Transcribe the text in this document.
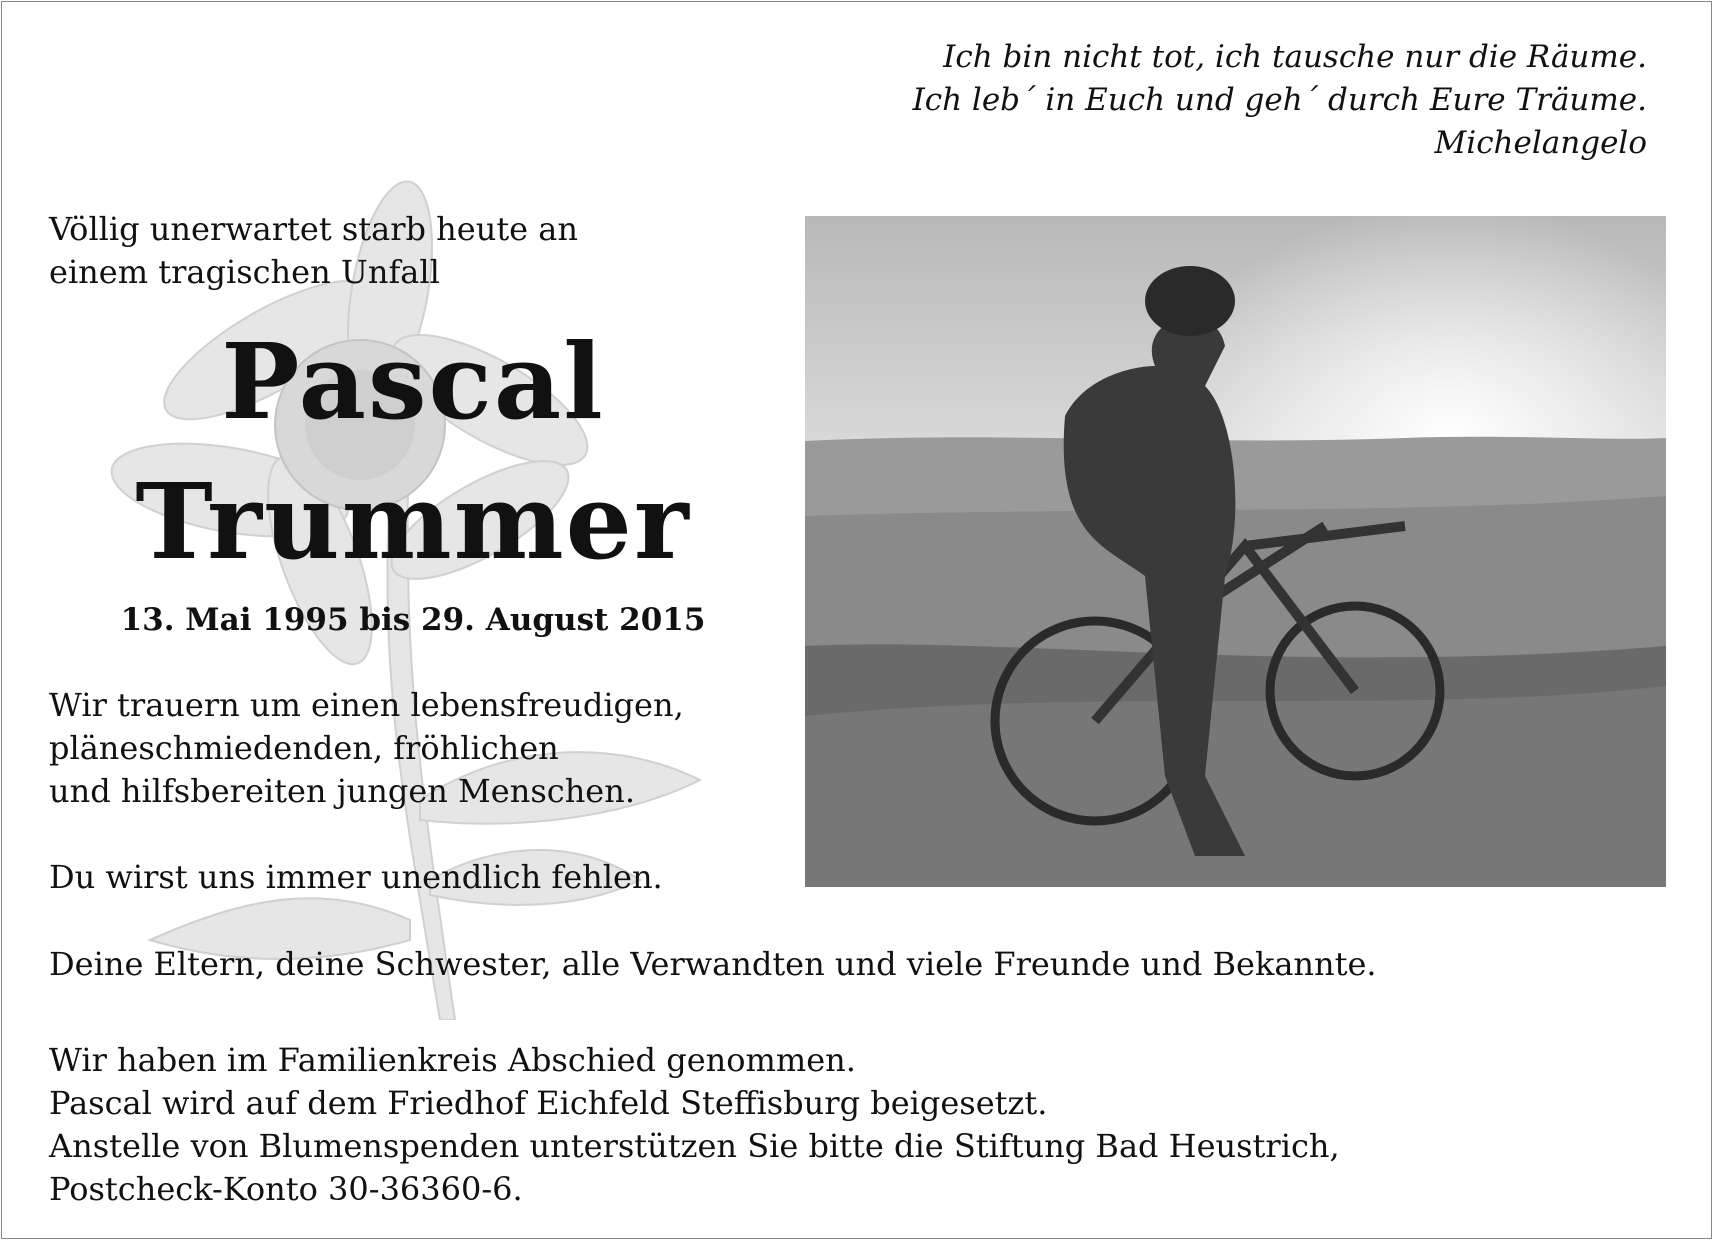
Ich bin nicht tot, ich tausche nur die Räume.
Ich leb´ in Euch und geh´ durch Eure Träume.
Michelangelo
Völlig unerwartet starb heute an
einem tragischen Unfall
Pascal
Trummer
13. Mai 1995 bis 29. August 2015
Wir trauern um einen lebensfreudigen,
pläneschmiedenden, fröhlichen
und hilfsbereiten jungen Menschen.
Du wirst uns immer unendlich fehlen.
Deine Eltern, deine Schwester, alle Verwandten und viele Freunde und Bekannte.
Wir haben im Familienkreis Abschied genommen.
Pascal wird auf dem Friedhof Eichfeld Steffisburg beigesetzt.
Anstelle von Blumenspenden unterstützen Sie bitte die Stiftung Bad Heustrich,
Postcheck-Konto 30-36360-6.
